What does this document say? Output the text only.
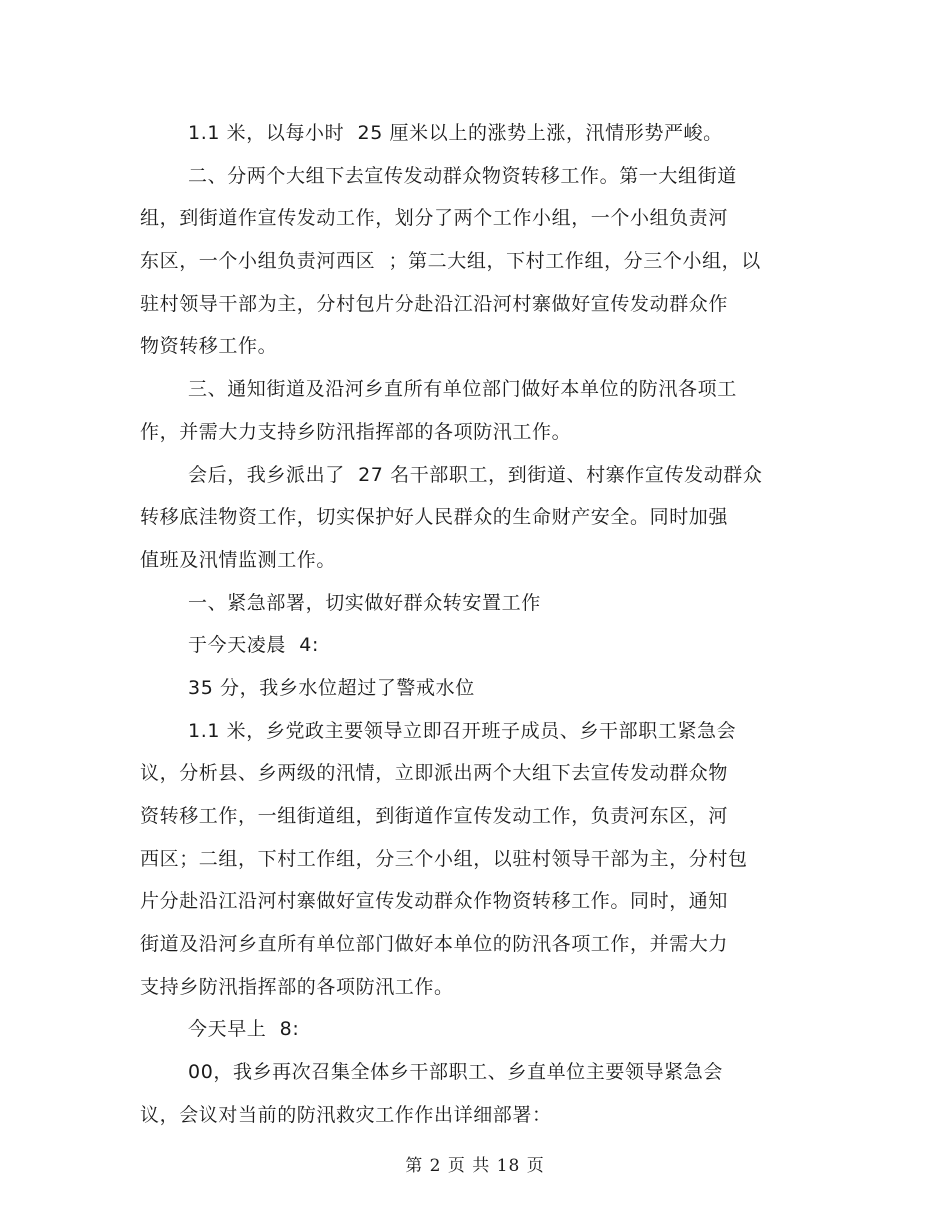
1.1 米，以每小时  25 厘米以上的涨势上涨，汛情形势严峻。
二、分两个大组下去宣传发动群众物资转移工作。第一大组街道
组，到街道作宣传发动工作，划分了两个工作小组，一个小组负责河
东区，一个小组负责河西区  ；第二大组，下村工作组，分三个小组，以
驻村领导干部为主，分村包片分赴沿江沿河村寨做好宣传发动群众作
物资转移工作。
三、通知街道及沿河乡直所有单位部门做好本单位的防汛各项工
作，并需大力支持乡防汛指挥部的各项防汛工作。
会后，我乡派出了  27 名干部职工，到街道、村寨作宣传发动群众
转移底洼物资工作，切实保护好人民群众的生命财产安全。同时加强
值班及汛情监测工作。
一、紧急部署，切实做好群众转安置工作
于今天凌晨  4:
35 分，我乡水位超过了警戒水位
1.1 米，乡党政主要领导立即召开班子成员、乡干部职工紧急会
议，分析县、乡两级的汛情，立即派出两个大组下去宣传发动群众物
资转移工作，一组街道组，到街道作宣传发动工作，负责河东区，河
西区；二组，下村工作组，分三个小组，以驻村领导干部为主，分村包
片分赴沿江沿河村寨做好宣传发动群众作物资转移工作。同时，通知
街道及沿河乡直所有单位部门做好本单位的防汛各项工作，并需大力
支持乡防汛指挥部的各项防汛工作。
今天早上  8:
00，我乡再次召集全体乡干部职工、乡直单位主要领导紧急会
议，会议对当前的防汛救灾工作作出详细部署：
第 2 页 共 18 页
